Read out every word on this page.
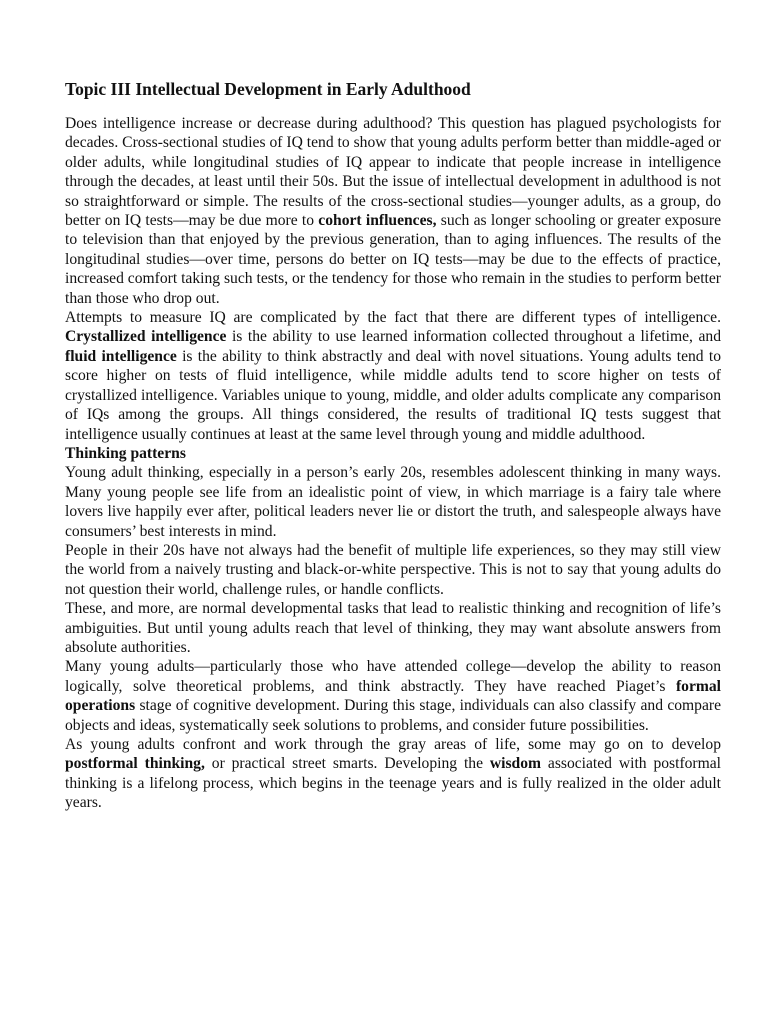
Topic III Intellectual Development in Early Adulthood

Does intelligence increase or decrease during adulthood? This question has plagued psychologists for decades. Cross-sectional studies of IQ tend to show that young adults perform better than middle-aged or older adults, while longitudinal studies of IQ appear to indicate that people increase in intelligence through the decades, at least until their 50s. But the issue of intellectual development in adulthood is not so straightforward or simple. The results of the cross-sectional studies—younger adults, as a group, do better on IQ tests—may be due more to cohort influences, such as longer schooling or greater exposure to television than that enjoyed by the previous generation, than to aging influences. The results of the longitudinal studies—over time, persons do better on IQ tests—may be due to the effects of practice, increased comfort taking such tests, or the tendency for those who remain in the studies to perform better than those who drop out.

Attempts to measure IQ are complicated by the fact that there are different types of intelligence. Crystallized intelligence is the ability to use learned information collected throughout a lifetime, and fluid intelligence is the ability to think abstractly and deal with novel situations. Young adults tend to score higher on tests of fluid intelligence, while middle adults tend to score higher on tests of crystallized intelligence. Variables unique to young, middle, and older adults complicate any comparison of IQs among the groups. All things considered, the results of traditional IQ tests suggest that intelligence usually continues at least at the same level through young and middle adulthood.

Thinking patterns

Young adult thinking, especially in a person’s early 20s, resembles adolescent thinking in many ways. Many young people see life from an idealistic point of view, in which marriage is a fairy tale where lovers live happily ever after, political leaders never lie or distort the truth, and salespeople always have consumers’ best interests in mind.

People in their 20s have not always had the benefit of multiple life experiences, so they may still view the world from a naively trusting and black-or-white perspective. This is not to say that young adults do not question their world, challenge rules, or handle conflicts.

These, and more, are normal developmental tasks that lead to realistic thinking and recognition of life’s ambiguities. But until young adults reach that level of thinking, they may want absolute answers from absolute authorities.

Many young adults—particularly those who have attended college—develop the ability to reason logically, solve theoretical problems, and think abstractly. They have reached Piaget’s formal operations stage of cognitive development. During this stage, individuals can also classify and compare objects and ideas, systematically seek solutions to problems, and consider future possibilities.

As young adults confront and work through the gray areas of life, some may go on to develop postformal thinking, or practical street smarts. Developing the wisdom associated with postformal thinking is a lifelong process, which begins in the teenage years and is fully realized in the older adult years.
